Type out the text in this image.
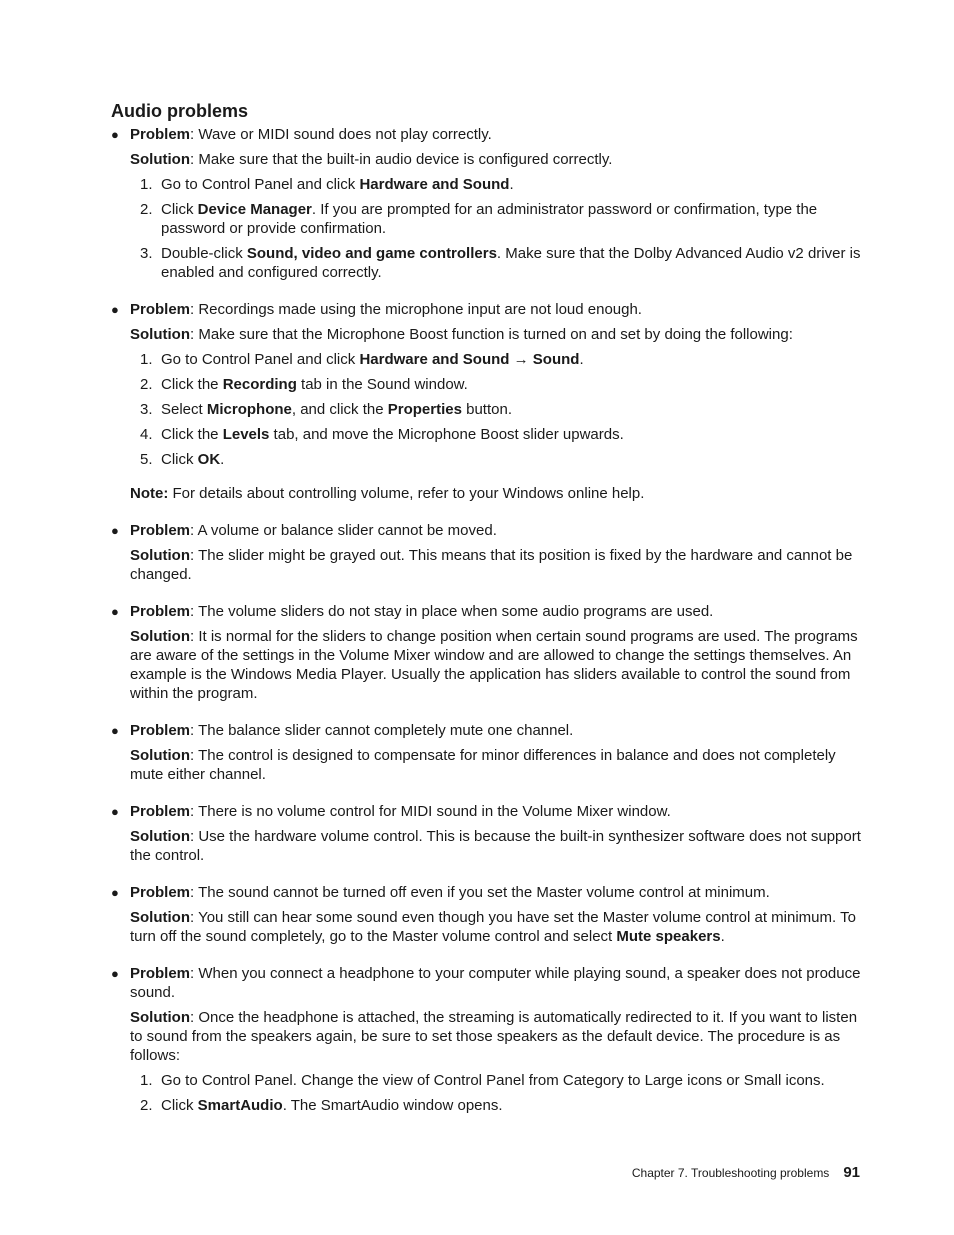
Audio problems
● Problem: Wave or MIDI sound does not play correctly.

Solution: Make sure that the built-in audio device is configured correctly.

1. Go to Control Panel and click Hardware and Sound.
2. Click Device Manager. If you are prompted for an administrator password or confirmation, type the password or provide confirmation.
3. Double-click Sound, video and game controllers. Make sure that the Dolby Advanced Audio v2 driver is enabled and configured correctly.
● Problem: Recordings made using the microphone input are not loud enough.

Solution: Make sure that the Microphone Boost function is turned on and set by doing the following:

1. Go to Control Panel and click Hardware and Sound → Sound.
2. Click the Recording tab in the Sound window.
3. Select Microphone, and click the Properties button.
4. Click the Levels tab, and move the Microphone Boost slider upwards.
5. Click OK.

Note: For details about controlling volume, refer to your Windows online help.

● Problem: A volume or balance slider cannot be moved.

Solution: The slider might be grayed out. This means that its position is fixed by the hardware and cannot be changed.

● Problem: The volume sliders do not stay in place when some audio programs are used.

Solution: It is normal for the sliders to change position when certain sound programs are used. The programs are aware of the settings in the Volume Mixer window and are allowed to change the settings themselves. An example is the Windows Media Player. Usually the application has sliders available to control the sound from within the program.

● Problem: The balance slider cannot completely mute one channel.

Solution: The control is designed to compensate for minor differences in balance and does not completely mute either channel.

● Problem: There is no volume control for MIDI sound in the Volume Mixer window.

Solution: Use the hardware volume control. This is because the built-in synthesizer software does not support the control.

● Problem: The sound cannot be turned off even if you set the Master volume control at minimum.

Solution: You still can hear some sound even though you have set the Master volume control at minimum. To turn off the sound completely, go to the Master volume control and select Mute speakers.

● Problem: When you connect a headphone to your computer while playing sound, a speaker does not produce sound.

Solution: Once the headphone is attached, the streaming is automatically redirected to it. If you want to listen to sound from the speakers again, be sure to set those speakers as the default device. The procedure is as follows:

1. Go to Control Panel. Change the view of Control Panel from Category to Large icons or Small icons.
2. Click SmartAudio. The SmartAudio window opens.
Chapter 7. Troubleshooting problems 91
